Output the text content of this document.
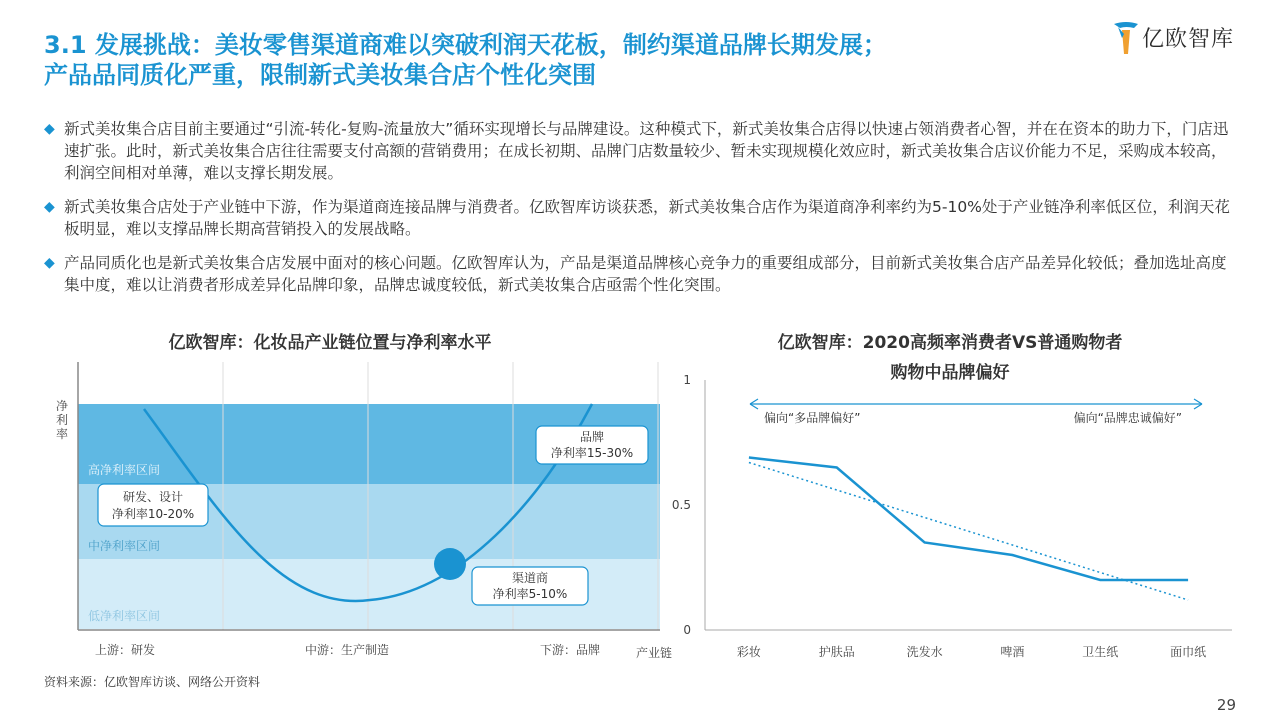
3.1 发展挑战：美妆零售渠道商难以突破利润天花板，制约渠道品牌长期发展；
产品品同质化严重，限制新式美妆集合店个性化突围
亿欧智库
◆ 新式美妆集合店目前主要通过“引流-转化-复购-流量放大”循环实现增长与品牌建设。这种模式下，新式美妆集合店得以快速占领消费者心智，并在在资本的助力下，门店迅速扩张。此时，新式美妆集合店往往需要支付高额的营销费用；在成长初期、品牌门店数量较少、暂未实现规模化效应时，新式美妆集合店议价能力不足，采购成本较高，利润空间相对单薄，难以支撑长期发展。
◆ 新式美妆集合店处于产业链中下游，作为渠道商连接品牌与消费者。亿欧智库访谈获悉，新式美妆集合店作为渠道商净利率约为5-10%处于产业链净利率低区位，利润天花板明显，难以支撑品牌长期高营销投入的发展战略。
◆ 产品同质化也是新式美妆集合店发展中面对的核心问题。亿欧智库认为，产品是渠道品牌核心竞争力的重要组成部分，目前新式美妆集合店产品差异化较低；叠加选址高度集中度，难以让消费者形成差异化品牌印象，品牌忠诚度较低，新式美妆集合店亟需个性化突围。
亿欧智库：化妆品产业链位置与净利率水平
高净利率区间
中净利率区间
低净利率区间
净利率
研发、设计
净利率10-20%
渠道商
净利率5-10%
品牌
净利率15-30%
上游：研发	中游：生产制造	下游：品牌	产业链
亿欧智库：2020高频率消费者VS普通购物者
购物中品牌偏好
0
0.5
1
彩妆	护肤品	洗发水	啤酒	卫生纸	面巾纸
偏向“多品牌偏好”	偏向“品牌忠诚偏好”
资料来源：亿欧智库访谈、网络公开资料
29
